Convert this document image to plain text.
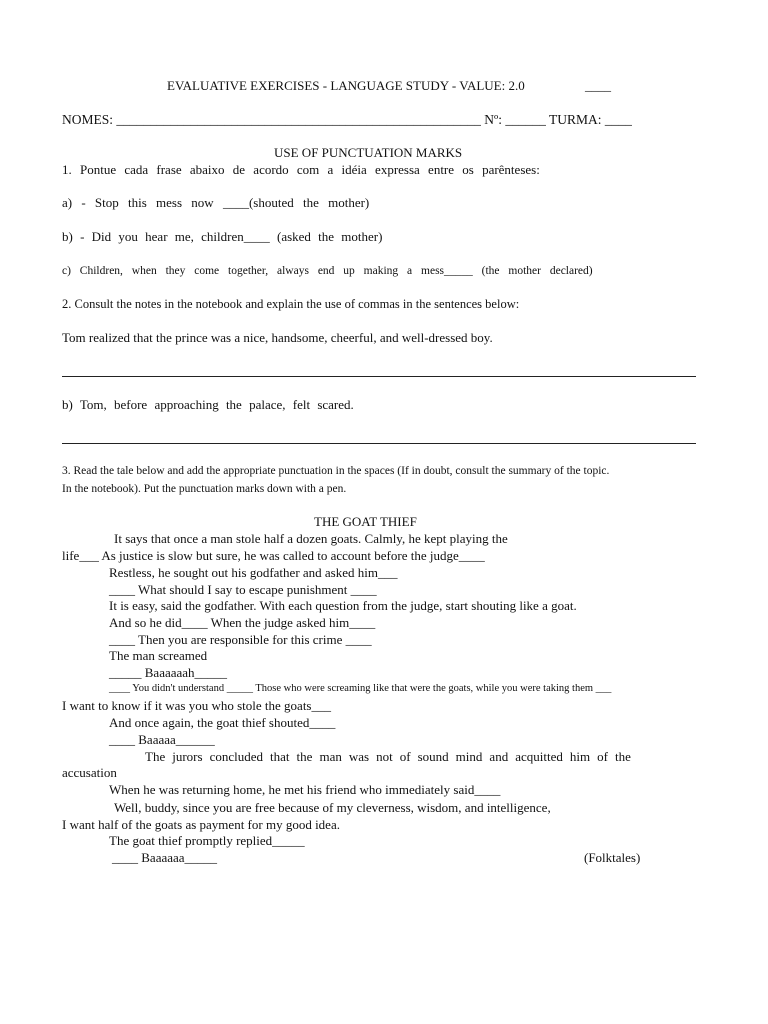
EVALUATIVE EXERCISES - LANGUAGE STUDY - VALUE: 2.0	____
NOMES: ______________________________________________________ Nº: ______ TURMA: ____
USE OF PUNCTUATION MARKS
1. Pontue cada frase abaixo de acordo com a idéia expressa entre os parênteses:
a) - Stop this mess now ____(shouted the mother)
b) - Did you hear me, children____ (asked the mother)
c) Children, when they come together, always end up making a mess_____ (the mother declared)
2. Consult the notes in the notebook and explain the use of commas in the sentences below:
Tom realized that the prince was a nice, handsome, cheerful, and well-dressed boy.
b) Tom, before approaching the palace, felt scared.
3. Read the tale below and add the appropriate punctuation in the spaces (If in doubt, consult the summary of the topic.
In the notebook). Put the punctuation marks down with a pen.
THE GOAT THIEF
It says that once a man stole half a dozen goats. Calmly, he kept playing the
life___ As justice is slow but sure, he was called to account before the judge____
Restless, he sought out his godfather and asked him___
____ What should I say to escape punishment ____
It is easy, said the godfather. With each question from the judge, start shouting like a goat.
And so he did____ When the judge asked him____
____ Then you are responsible for this crime ____
The man screamed
_____ Baaaaaah_____
____ You didn't understand _____ Those who were screaming like that were the goats, while you were taking them ___
I want to know if it was you who stole the goats___
And once again, the goat thief shouted____
____ Baaaaa______
The jurors concluded that the man was not of sound mind and acquitted him of the
accusation
When he was returning home, he met his friend who immediately said____
Well, buddy, since you are free because of my cleverness, wisdom, and intelligence,
I want half of the goats as payment for my good idea.
The goat thief promptly replied_____
____ Baaaaaa_____	(Folktales)
